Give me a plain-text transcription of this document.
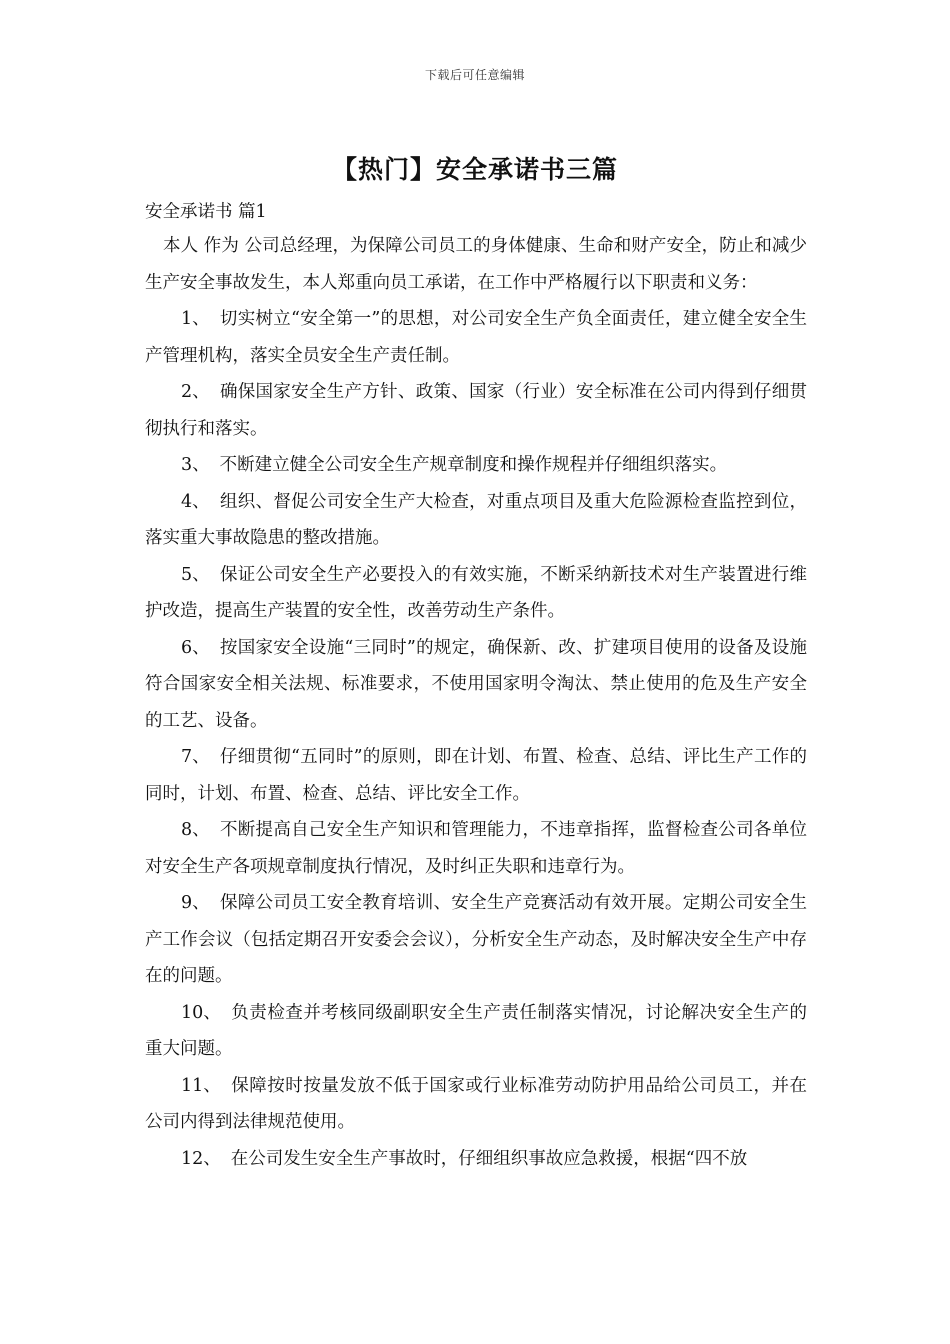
下载后可任意编辑
【热门】安全承诺书三篇

安全承诺书 篇1

本人 作为 公司总经理，为保障公司员工的身体健康、生命和财产安全，防止和减少生产安全事故发生，本人郑重向员工承诺，在工作中严格履行以下职责和义务：

1、 切实树立“安全第一”的思想，对公司安全生产负全面责任，建立健全安全生产管理机构，落实全员安全生产责任制。

2、 确保国家安全生产方针、政策、国家（行业）安全标准在公司内得到仔细贯彻执行和落实。

3、 不断建立健全公司安全生产规章制度和操作规程并仔细组织落实。

4、 组织、督促公司安全生产大检查，对重点项目及重大危险源检查监控到位，落实重大事故隐患的整改措施。

5、 保证公司安全生产必要投入的有效实施，不断采纳新技术对生产装置进行维护改造，提高生产装置的安全性，改善劳动生产条件。

6、 按国家安全设施“三同时”的规定，确保新、改、扩建项目使用的设备及设施符合国家安全相关法规、标准要求，不使用国家明令淘汰、禁止使用的危及生产安全的工艺、设备。

7、 仔细贯彻“五同时”的原则，即在计划、布置、检查、总结、评比生产工作的同时，计划、布置、检查、总结、评比安全工作。

8、 不断提高自己安全生产知识和管理能力，不违章指挥，监督检查公司各单位对安全生产各项规章制度执行情况，及时纠正失职和违章行为。

9、 保障公司员工安全教育培训、安全生产竞赛活动有效开展。定期公司安全生产工作会议（包括定期召开安委会会议），分析安全生产动态，及时解决安全生产中存在的问题。

10、 负责检查并考核同级副职安全生产责任制落实情况，讨论解决安全生产的重大问题。

11、 保障按时按量发放不低于国家或行业标准劳动防护用品给公司员工，并在公司内得到法律规范使用。

12、 在公司发生安全生产事故时，仔细组织事故应急救援，根据“四不放
